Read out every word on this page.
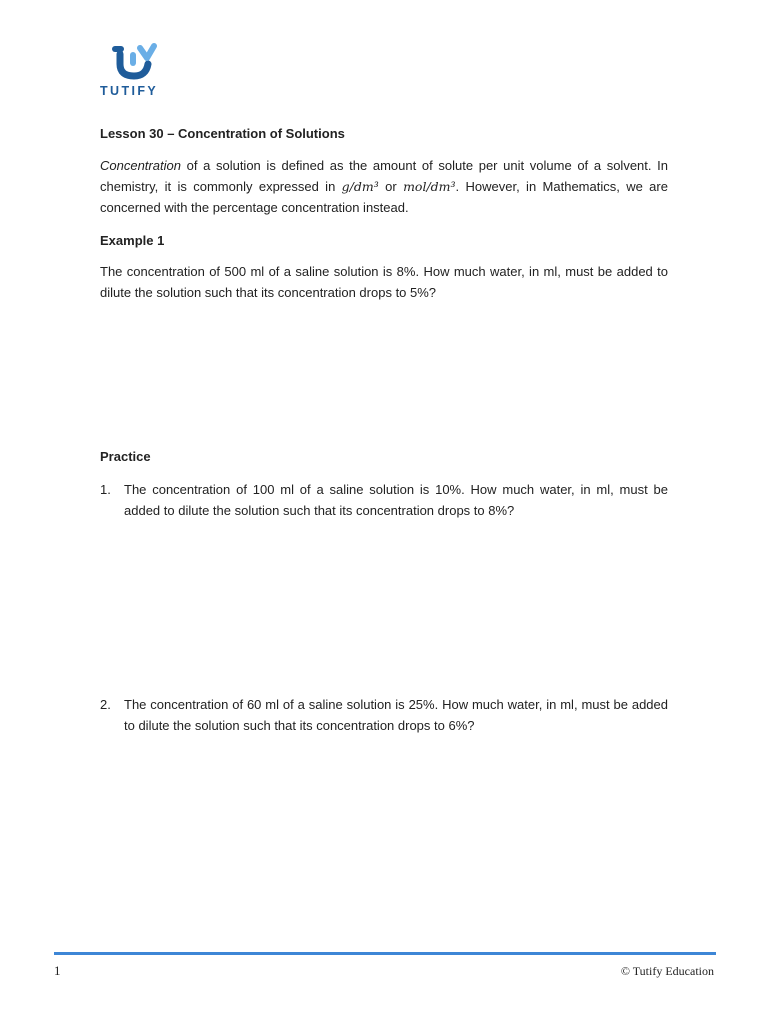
TUTIFY
Lesson 30 – Concentration of Solutions
Concentration of a solution is defined as the amount of solute per unit volume of a solvent. In chemistry, it is commonly expressed in g/dm³ or mol/dm³. However, in Mathematics, we are concerned with the percentage concentration instead.
Example 1
The concentration of 500 ml of a saline solution is 8%. How much water, in ml, must be added to dilute the solution such that its concentration drops to 5%?
Practice
1.	The concentration of 100 ml of a saline solution is 10%. How much water, in ml, must be added to dilute the solution such that its concentration drops to 8%?
2.	The concentration of 60 ml of a saline solution is 25%. How much water, in ml, must be added to dilute the solution such that its concentration drops to 6%?
1	© Tutify Education
